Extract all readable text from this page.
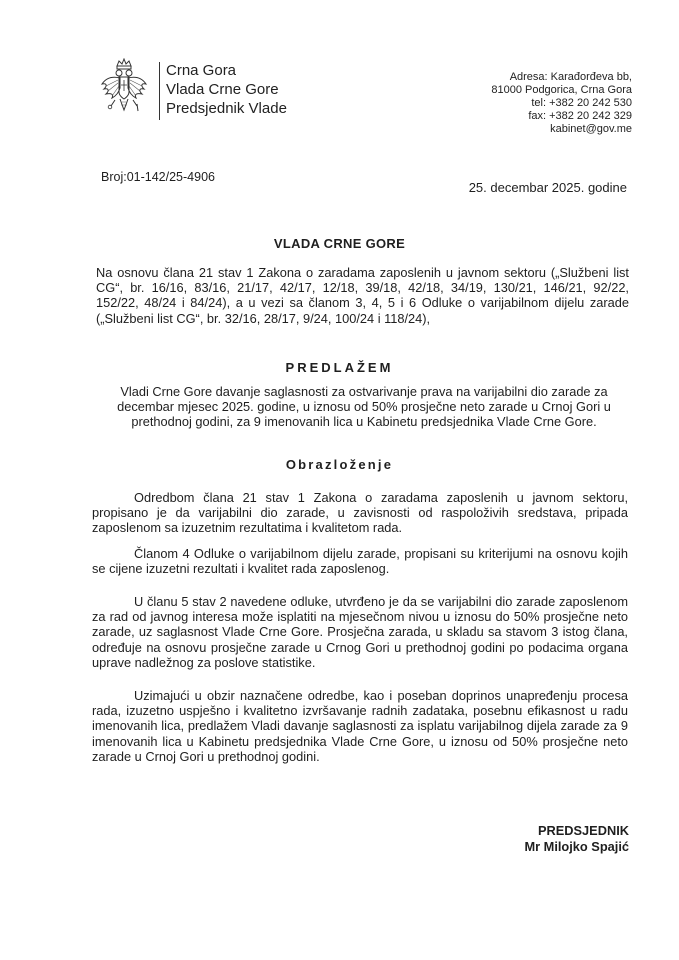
Crna Gora
Vlada Crne Gore
Predsjednik Vlade
Adresa: Karađorđeva bb,
81000 Podgorica, Crna Gora
tel: +382 20 242 530
fax: +382 20 242 329
kabinet@gov.me
Broj:01-142/25-4906
25. decembar 2025. godine
VLADA CRNE GORE
Na osnovu člana 21 stav 1 Zakona o zaradama zaposlenih u javnom sektoru („Službeni list CG“, br. 16/16, 83/16, 21/17, 42/17, 12/18, 39/18, 42/18, 34/19, 130/21, 146/21, 92/22, 152/22, 48/24 i 84/24), a u vezi sa članom 3, 4, 5 i 6 Odluke o varijabilnom dijelu zarade („Službeni list CG“, br. 32/16, 28/17, 9/24, 100/24 i 118/24),
PREDLAŽEM
Vladi Crne Gore davanje saglasnosti za ostvarivanje prava na varijabilni dio zarade za decembar mjesec 2025. godine, u iznosu od 50% prosječne neto zarade u Crnoj Gori u prethodnoj godini, za 9 imenovanih lica u Kabinetu predsjednika Vlade Crne Gore.
Obrazloženje
Odredbom člana 21 stav 1 Zakona o zaradama zaposlenih u javnom sektoru, propisano je da varijabilni dio zarade, u zavisnosti od raspoloživih sredstava, pripada zaposlenom sa izuzetnim rezultatima i kvalitetom rada.
Članom 4 Odluke o varijabilnom dijelu zarade, propisani su kriterijumi na osnovu kojih se cijene izuzetni rezultati i kvalitet rada zaposlenog.
U članu 5 stav 2 navedene odluke, utvrđeno je da se varijabilni dio zarade zaposlenom za rad od javnog interesa može isplatiti na mjesečnom nivou u iznosu do 50% prosječne neto zarade, uz saglasnost Vlade Crne Gore. Prosječna zarada, u skladu sa stavom 3 istog člana, određuje na osnovu prosječne zarade u Crnog Gori u prethodnoj godini po podacima organa uprave nadležnog za poslove statistike.
Uzimajući u obzir naznačene odredbe, kao i poseban doprinos unapređenju procesa rada, izuzetno uspješno i kvalitetno izvršavanje radnih zadataka, posebnu efikasnost u radu imenovanih lica, predlažem Vladi davanje saglasnosti za isplatu varijabilnog dijela zarade za 9 imenovanih lica u Kabinetu predsjednika Vlade Crne Gore, u iznosu od 50% prosječne neto zarade u Crnoj Gori u prethodnoj godini.
PREDSJEDNIK
Mr Milojko Spajić
